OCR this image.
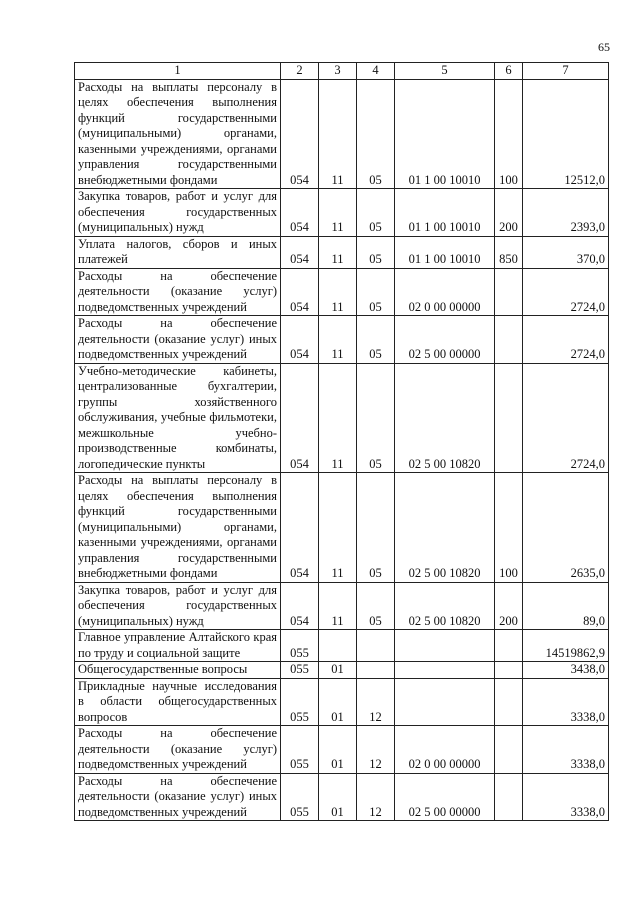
65
1	2	3	4	5	6	7
Расходы на выплаты персоналу в целях обеспечения выполнения функций государственными (муниципальными) органами, казенными учреждениями, органами управления государственными внебюджетными фондами	054	11	05	01 1 00 10010	100	12512,0
Закупка товаров, работ и услуг для обеспечения государственных (муниципальных) нужд	054	11	05	01 1 00 10010	200	2393,0
Уплата налогов, сборов и иных платежей	054	11	05	01 1 00 10010	850	370,0
Расходы на обеспечение деятельности (оказание услуг) подведомственных учреждений	054	11	05	02 0 00 00000		2724,0
Расходы на обеспечение деятельности (оказание услуг) иных подведомственных учреждений	054	11	05	02 5 00 00000		2724,0
Учебно-методические кабинеты, централизованные бухгалтерии, группы хозяйственного обслуживания, учебные фильмотеки, межшкольные учебно-производственные комбинаты, логопедические пункты	054	11	05	02 5 00 10820		2724,0
Расходы на выплаты персоналу в целях обеспечения выполнения функций государственными (муниципальными) органами, казенными учреждениями, органами управления государственными внебюджетными фондами	054	11	05	02 5 00 10820	100	2635,0
Закупка товаров, работ и услуг для обеспечения государственных (муниципальных) нужд	054	11	05	02 5 00 10820	200	89,0
Главное управление Алтайского края по труду и социальной защите	055					14519862,9
Общегосударственные вопросы	055	01				3438,0
Прикладные научные исследования в области общегосударственных вопросов	055	01	12			3338,0
Расходы на обеспечение деятельности (оказание услуг) подведомственных учреждений	055	01	12	02 0 00 00000		3338,0
Расходы на обеспечение деятельности (оказание услуг) иных подведомственных учреждений	055	01	12	02 5 00 00000		3338,0
